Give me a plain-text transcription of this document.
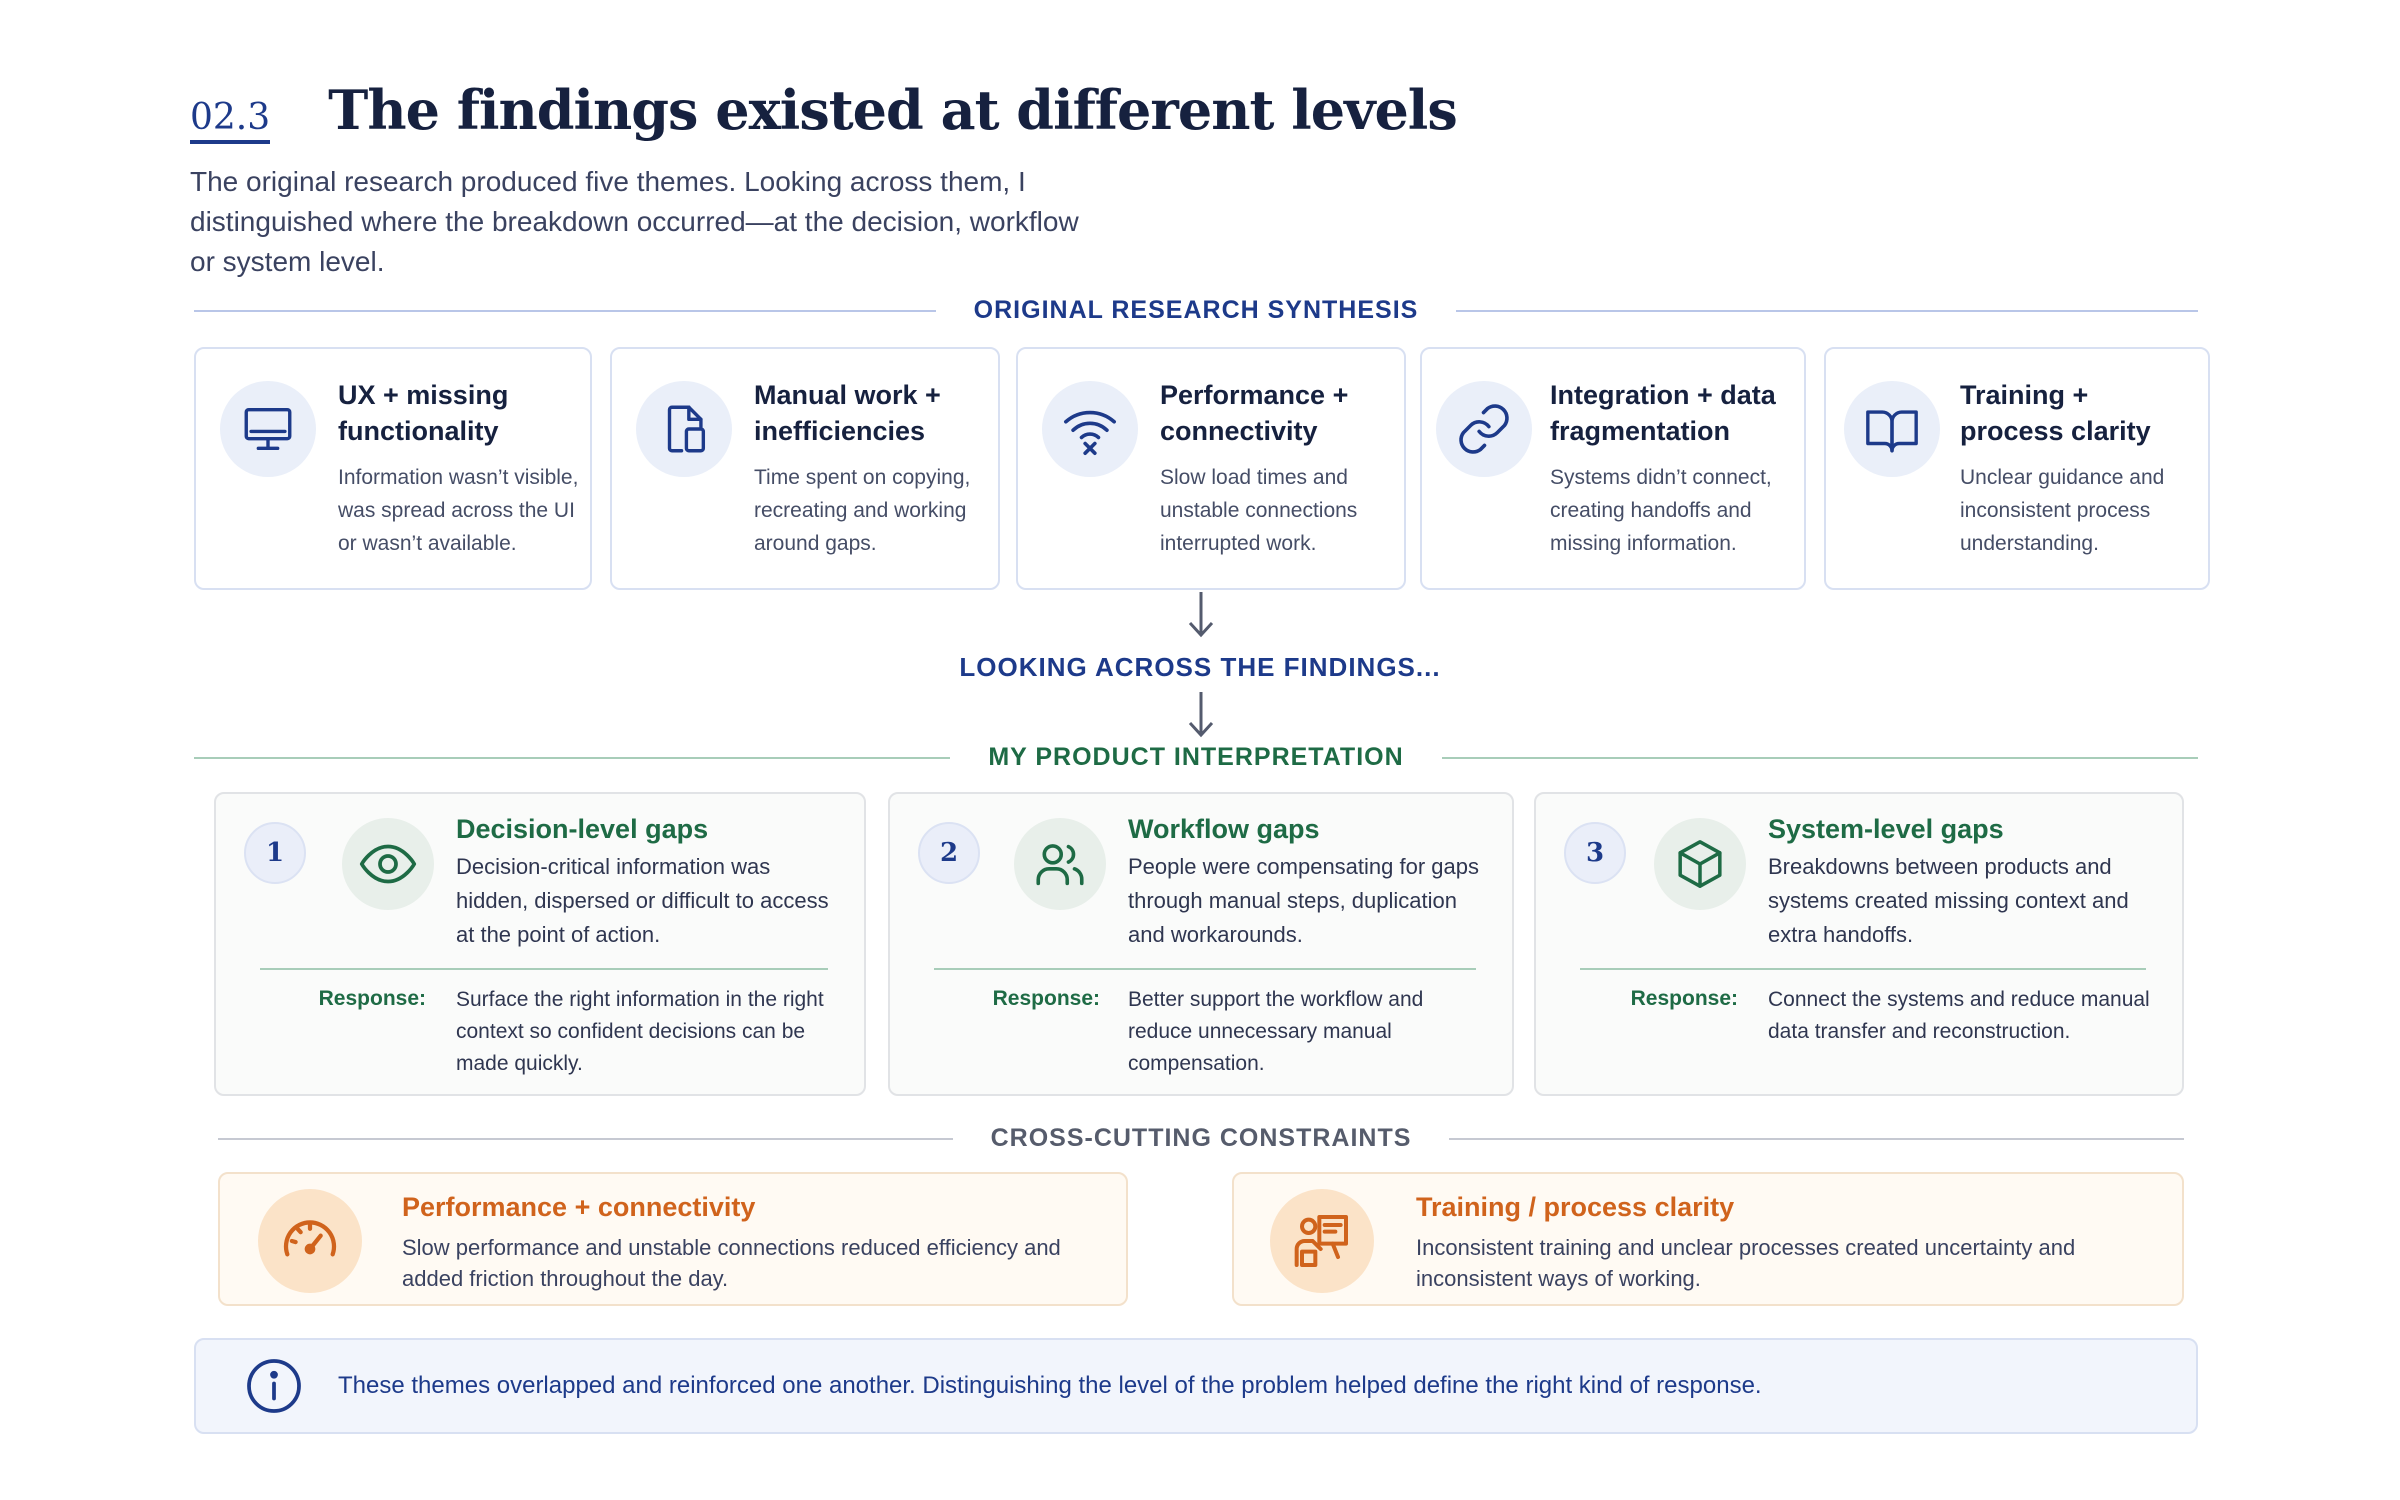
02.3 The findings existed at different levels

The original research produced five themes. Looking across them, I distinguished where the breakdown occurred—at the decision, workflow or system level.

ORIGINAL RESEARCH SYNTHESIS
UX + missing functionality
Information wasn’t visible, was spread across the UI or wasn’t available.
Manual work + inefficiencies
Time spent on copying, recreating and working around gaps.
Performance + connectivity
Slow load times and unstable connections interrupted work.
Integration + data fragmentation
Systems didn’t connect, creating handoffs and missing information.
Training + process clarity
Unclear guidance and inconsistent process understanding.
LOOKING ACROSS THE FINDINGS...
MY PRODUCT INTERPRETATION
1
Decision-level gaps
Decision-critical information was hidden, dispersed or difficult to access at the point of action.
Response: Surface the right information in the right context so confident decisions can be made quickly.
2
Workflow gaps
People were compensating for gaps through manual steps, duplication and workarounds.
Response: Better support the workflow and reduce unnecessary manual compensation.
3
System-level gaps
Breakdowns between products and systems created missing context and extra handoffs.
Response: Connect the systems and reduce manual data transfer and reconstruction.
CROSS-CUTTING CONSTRAINTS
Performance + connectivity
Slow performance and unstable connections reduced efficiency and added friction throughout the day.
Training / process clarity
Inconsistent training and unclear processes created uncertainty and inconsistent ways of working.
These themes overlapped and reinforced one another. Distinguishing the level of the problem helped define the right kind of response.
